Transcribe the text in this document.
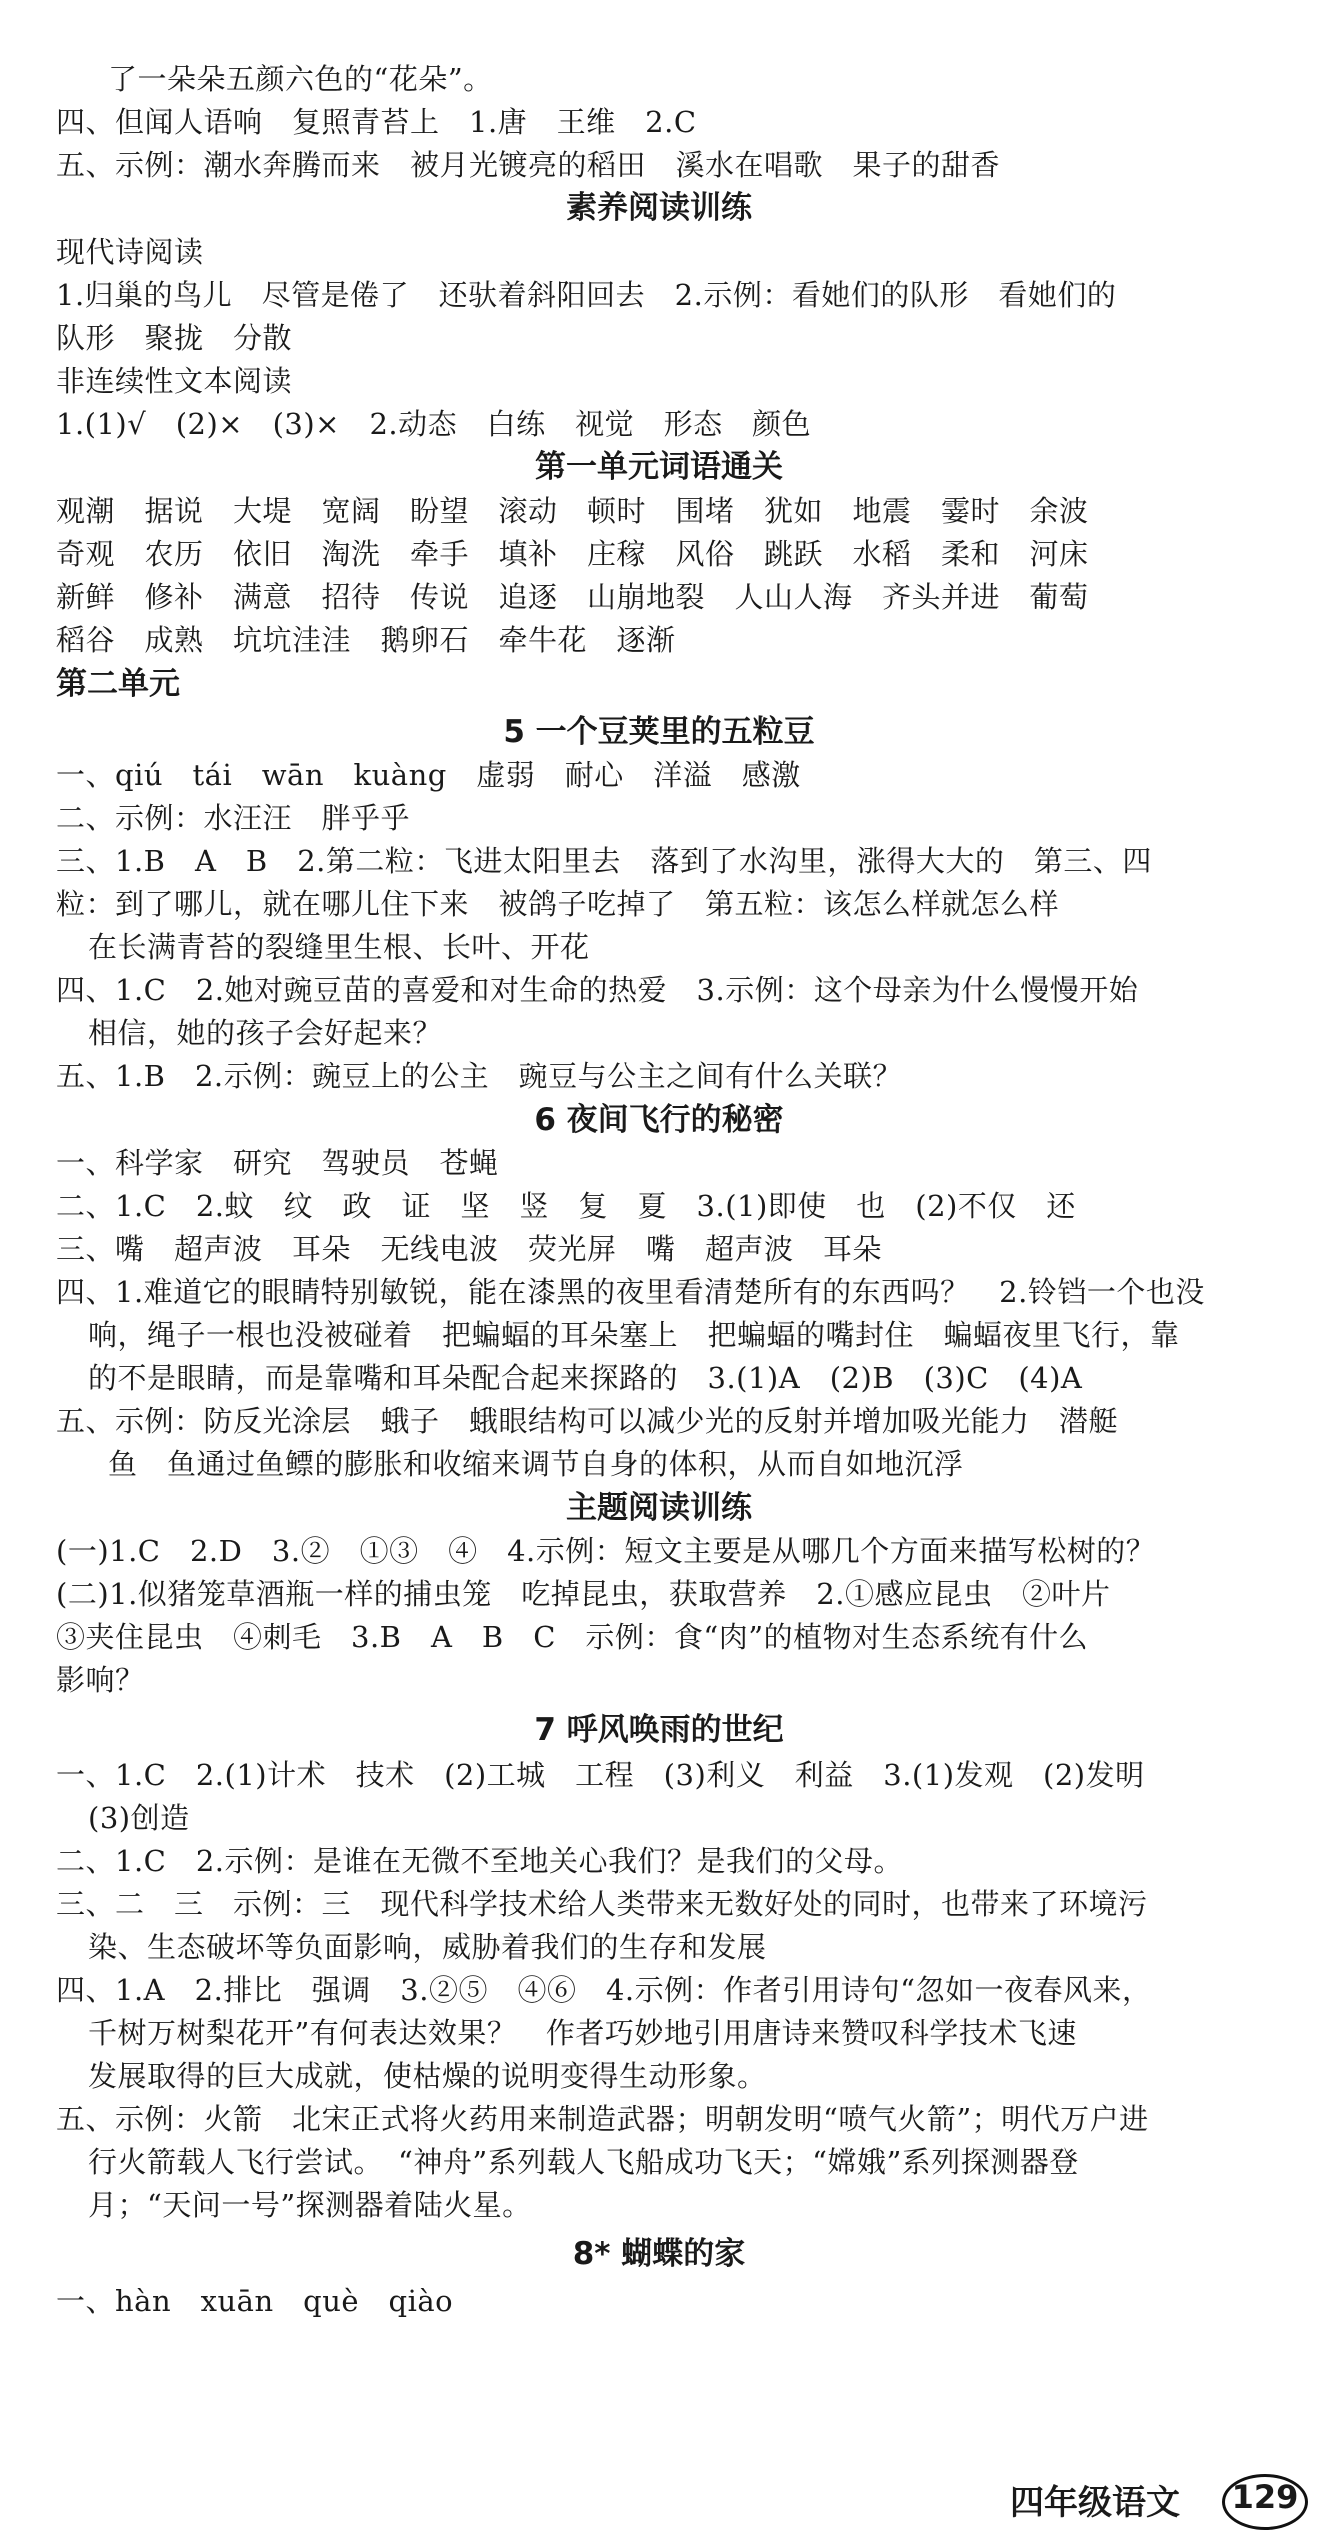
了一朵朵五颜六色的“花朵”。
四、但闻人语响　复照青苔上　1.唐　王维　2.C
五、示例：潮水奔腾而来　被月光镀亮的稻田　溪水在唱歌　果子的甜香
素养阅读训练
现代诗阅读
1.归巢的鸟儿　尽管是倦了　还驮着斜阳回去　2.示例：看她们的队形　看她们的
队形　聚拢　分散
非连续性文本阅读
1.(1)√　(2)×　(3)×　2.动态　白练　视觉　形态　颜色
第一单元词语通关
观潮　据说　大堤　宽阔　盼望　滚动　顿时　围堵　犹如　地震　霎时　余波
奇观　农历　依旧　淘洗　牵手　填补　庄稼　风俗　跳跃　水稻　柔和　河床
新鲜　修补　满意　招待　传说　追逐　山崩地裂　人山人海　齐头并进　葡萄
稻谷　成熟　坑坑洼洼　鹅卵石　牵牛花　逐渐
第二单元
5 一个豆荚里的五粒豆
一、qiú　tái　wān　kuàng　虚弱　耐心　洋溢　感激
二、示例：水汪汪　胖乎乎
三、1.B　A　B　2.第二粒：飞进太阳里去　落到了水沟里，涨得大大的　第三、四
粒：到了哪儿，就在哪儿住下来　被鸽子吃掉了　第五粒：该怎么样就怎么样
在长满青苔的裂缝里生根、长叶、开花
四、1.C　2.她对豌豆苗的喜爱和对生命的热爱　3.示例：这个母亲为什么慢慢开始
相信，她的孩子会好起来？
五、1.B　2.示例：豌豆上的公主　豌豆与公主之间有什么关联？
6 夜间飞行的秘密
一、科学家　研究　驾驶员　苍蝇
二、1.C　2.蚊　纹　政　证　坚　竖　复　夏　3.(1)即使　也　(2)不仅　还
三、嘴　超声波　耳朵　无线电波　荧光屏　嘴　超声波　耳朵
四、1.难道它的眼睛特别敏锐，能在漆黑的夜里看清楚所有的东西吗？　2.铃铛一个也没
响，绳子一根也没被碰着　把蝙蝠的耳朵塞上　把蝙蝠的嘴封住　蝙蝠夜里飞行，靠
的不是眼睛，而是靠嘴和耳朵配合起来探路的　3.(1)A　(2)B　(3)C　(4)A
五、示例：防反光涂层　蛾子　蛾眼结构可以减少光的反射并增加吸光能力　潜艇
鱼　鱼通过鱼鳔的膨胀和收缩来调节自身的体积，从而自如地沉浮
主题阅读训练
(一)1.C　2.D　3.②　①③　④　4.示例：短文主要是从哪几个方面来描写松树的？
(二)1.似猪笼草酒瓶一样的捕虫笼　吃掉昆虫，获取营养　2.①感应昆虫　②叶片
③夹住昆虫　④刺毛　3.B　A　B　C　示例：食“肉”的植物对生态系统有什么
影响？
7 呼风唤雨的世纪
一、1.C　2.(1)计术　技术　(2)工城　工程　(3)利义　利益　3.(1)发观　(2)发明
(3)创造
二、1.C　2.示例：是谁在无微不至地关心我们？是我们的父母。
三、二　三　示例：三　现代科学技术给人类带来无数好处的同时，也带来了环境污
染、生态破坏等负面影响，威胁着我们的生存和发展
四、1.A　2.排比　强调　3.②⑤　④⑥　4.示例：作者引用诗句“忽如一夜春风来，
千树万树梨花开”有何表达效果？　作者巧妙地引用唐诗来赞叹科学技术飞速
发展取得的巨大成就，使枯燥的说明变得生动形象。
五、示例：火箭　北宋正式将火药用来制造武器；明朝发明“喷气火箭”；明代万户进
行火箭载人飞行尝试。　“神舟”系列载人飞船成功飞天；“嫦娥”系列探测器登
月；“天问一号”探测器着陆火星。
8* 蝴蝶的家
一、hàn　xuān　què　qiào
四年级语文 129
